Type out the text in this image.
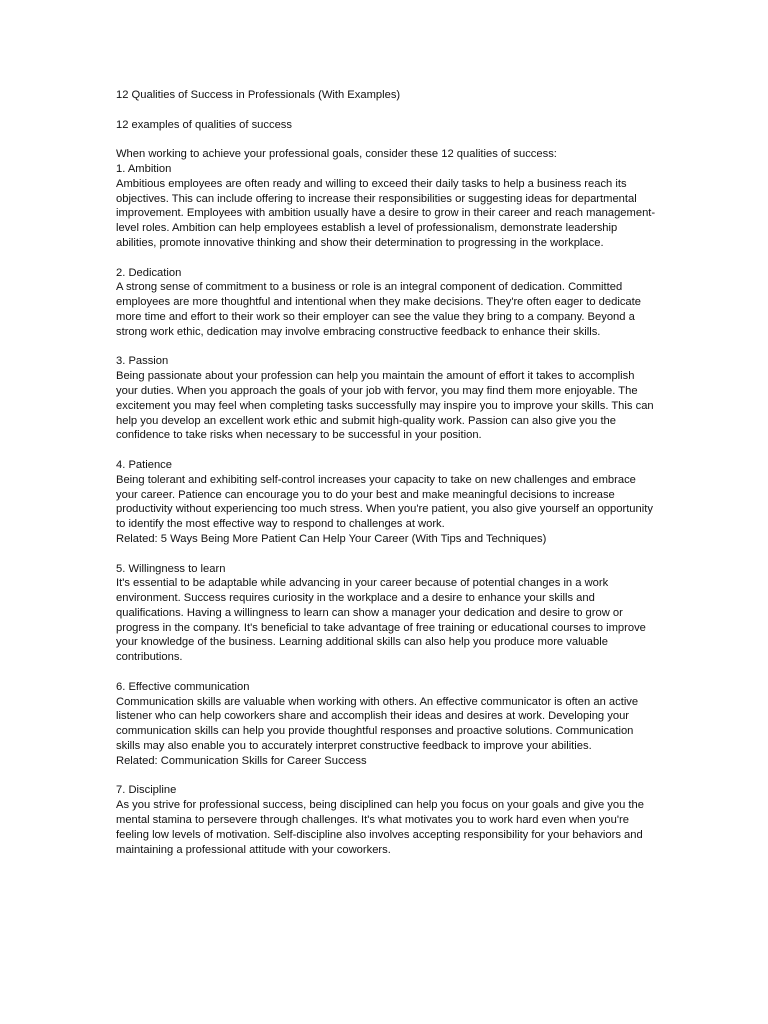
12 Qualities of Success in Professionals (With Examples)

12 examples of qualities of success

When working to achieve your professional goals, consider these 12 qualities of success:

1. Ambition

Ambitious employees are often ready and willing to exceed their daily tasks to help a business reach its objectives. This can include offering to increase their responsibilities or suggesting ideas for departmental improvement. Employees with ambition usually have a desire to grow in their career and reach management-level roles. Ambition can help employees establish a level of professionalism, demonstrate leadership abilities, promote innovative thinking and show their determination to progressing in the workplace.

2. Dedication

A strong sense of commitment to a business or role is an integral component of dedication. Committed employees are more thoughtful and intentional when they make decisions. They're often eager to dedicate more time and effort to their work so their employer can see the value they bring to a company. Beyond a strong work ethic, dedication may involve embracing constructive feedback to enhance their skills.

3. Passion

Being passionate about your profession can help you maintain the amount of effort it takes to accomplish your duties. When you approach the goals of your job with fervor, you may find them more enjoyable. The excitement you may feel when completing tasks successfully may inspire you to improve your skills. This can help you develop an excellent work ethic and submit high-quality work. Passion can also give you the confidence to take risks when necessary to be successful in your position.

4. Patience

Being tolerant and exhibiting self-control increases your capacity to take on new challenges and embrace your career. Patience can encourage you to do your best and make meaningful decisions to increase productivity without experiencing too much stress. When you're patient, you also give yourself an opportunity to identify the most effective way to respond to challenges at work.

Related: 5 Ways Being More Patient Can Help Your Career (With Tips and Techniques)

5. Willingness to learn

It's essential to be adaptable while advancing in your career because of potential changes in a work environment. Success requires curiosity in the workplace and a desire to enhance your skills and qualifications. Having a willingness to learn can show a manager your dedication and desire to grow or progress in the company. It's beneficial to take advantage of free training or educational courses to improve your knowledge of the business. Learning additional skills can also help you produce more valuable contributions.

6. Effective communication

Communication skills are valuable when working with others. An effective communicator is often an active listener who can help coworkers share and accomplish their ideas and desires at work. Developing your communication skills can help you provide thoughtful responses and proactive solutions. Communication skills may also enable you to accurately interpret constructive feedback to improve your abilities.

Related: Communication Skills for Career Success

7. Discipline

As you strive for professional success, being disciplined can help you focus on your goals and give you the mental stamina to persevere through challenges. It's what motivates you to work hard even when you're feeling low levels of motivation. Self-discipline also involves accepting responsibility for your behaviors and maintaining a professional attitude with your coworkers.
